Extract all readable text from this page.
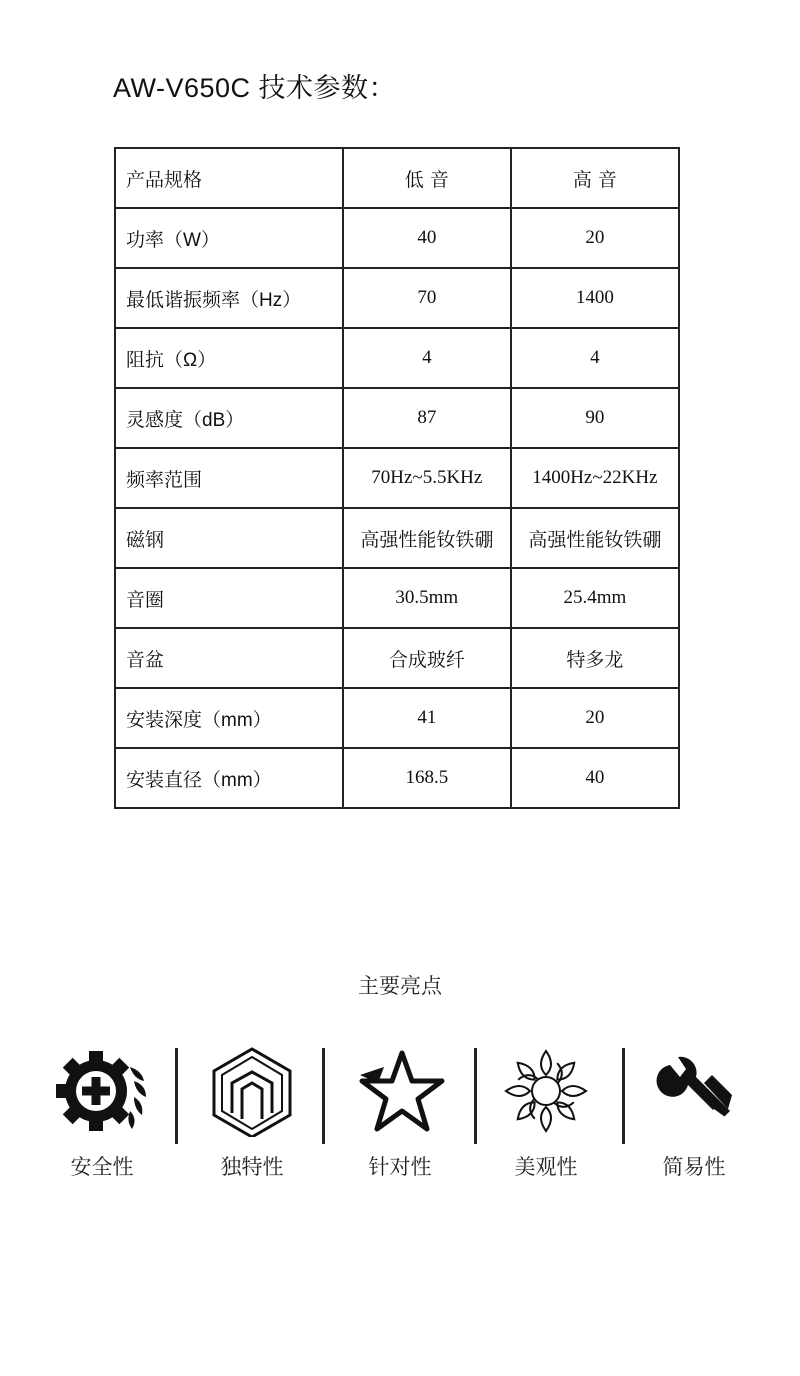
AW-V650C 技术参数：
产品规格	低 音	高 音
功率（W）	40	20
最低谐振频率（Hz）	70	1400
阻抗（Ω）	4	4
灵感度（dB）	87	90
频率范围	70Hz~5.5KHz	1400Hz~22KHz
磁钢	高强性能钕铁硼	高强性能钕铁硼
音圈	30.5mm	25.4mm
音盆	合成玻纤	特多龙
安装深度（mm）	41	20
安装直径（mm）	168.5	40
主要亮点
安全性	独特性	针对性	美观性	简易性
